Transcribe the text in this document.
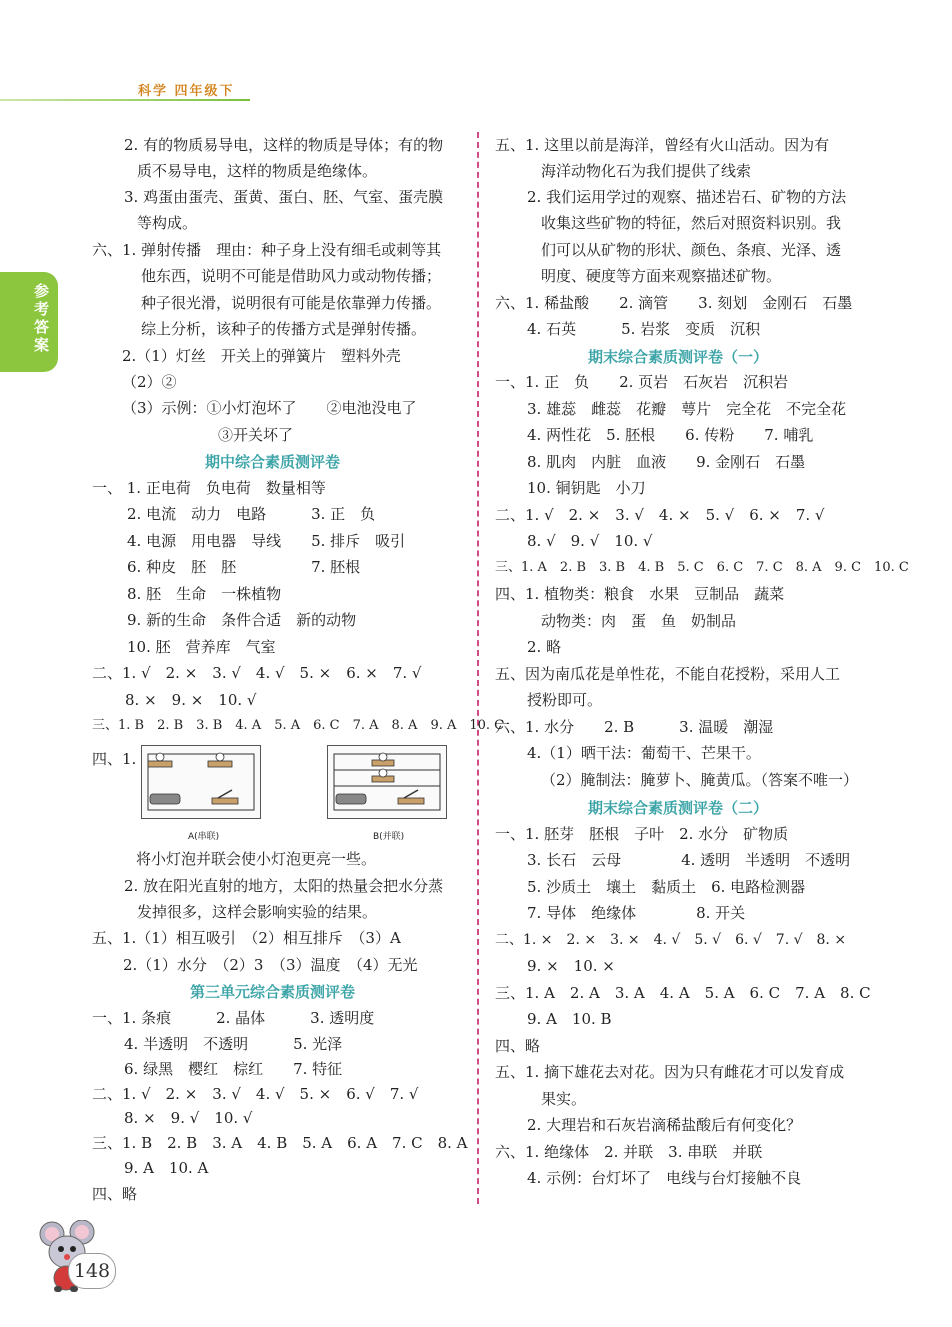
科学 四年级下
参考答案
2. 有的物质易导电，这样的物质是导体；有的物
质不易导电，这样的物质是绝缘体。
3. 鸡蛋由蛋壳、蛋黄、蛋白、胚、气室、蛋壳膜
等构成。
六、1. 弹射传播　理由：种子身上没有细毛或刺等其
他东西，说明不可能是借助风力或动物传播；
种子很光滑，说明很有可能是依靠弹力传播。
综上分析，该种子的传播方式是弹射传播。
2.（1）灯丝　开关上的弹簧片　塑料外壳
（2）②
（3）示例：①小灯泡坏了　　②电池没电了
③开关坏了
期中综合素质测评卷
一、 1. 正电荷　负电荷　数量相等
2. 电流　动力　电路　　　3. 正　负
4. 电源　用电器　导线　　5. 排斥　吸引
6. 种皮　胚　胚　　　　　7. 胚根
8. 胚　生命　一株植物
9. 新的生命　条件合适　新的动物
10. 胚　营养库　气室
二、1. √　2. ×　3. √　4. √　5. ×　6. ×　7. √
8. ×　9. ×　10. √
三、1. B　2. B　3. B　4. A　5. A　6. C　7. A　8. A　9. A　10. C
四、1.
A(串联)	B(并联)
将小灯泡并联会使小灯泡更亮一些。
2. 放在阳光直射的地方，太阳的热量会把水分蒸
发掉很多，这样会影响实验的结果。
五、1.（1）相互吸引　（2）相互排斥　（3）A
2.（1）水分　（2）3　（3）温度　（4）无光
第三单元综合素质测评卷
一、1. 条痕　　　2. 晶体　　　3. 透明度
4. 半透明　不透明　　　5. 光泽
6. 绿黑　樱红　棕红　　7. 特征
二、1. √　2. ×　3. √　4. √　5. ×　6. √　7. √
8. ×　9. √　10. √
三、1. B　2. B　3. A　4. B　5. A　6. A　7. C　8. A
9. A　10. A
四、略
五、1. 这里以前是海洋，曾经有火山活动。因为有
海洋动物化石为我们提供了线索
2. 我们运用学过的观察、描述岩石、矿物的方法
收集这些矿物的特征，然后对照资料识别。我
们可以从矿物的形状、颜色、条痕、光泽、透
明度、硬度等方面来观察描述矿物。
六、1. 稀盐酸　　2. 滴管　　3. 刻划　金刚石　石墨
4. 石英　　　5. 岩浆　变质　沉积
期末综合素质测评卷（一）
一、1. 正　负　　2. 页岩　石灰岩　沉积岩
3. 雄蕊　雌蕊　花瓣　萼片　完全花　不完全花
4. 两性花　5. 胚根　　6. 传粉　　7. 哺乳
8. 肌肉　内脏　血液　　9. 金刚石　石墨
10. 铜钥匙　小刀
二、1. √　2. ×　3. √　4. ×　5. √　6. ×　7. √
8. √　9. √　10. √
三、1. A　2. B　3. B　4. B　5. C　6. C　7. C　8. A　9. C　10. C
四、1. 植物类：粮食　水果　豆制品　蔬菜
动物类：肉　蛋　鱼　奶制品
2. 略
五、因为南瓜花是单性花，不能自花授粉，采用人工
授粉即可。
六、1. 水分　　2. B　　　3. 温暖　潮湿
4.（1）晒干法：葡萄干、芒果干。
（2）腌制法：腌萝卜、腌黄瓜。（答案不唯一）
期末综合素质测评卷（二）
一、1. 胚芽　胚根　子叶　2. 水分　矿物质
3. 长石　云母　　　　4. 透明　半透明　不透明
5. 沙质土　壤土　黏质土　6. 电路检测器
7. 导体　绝缘体　　　　8. 开关
二、1. ×　2. ×　3. ×　4. √　5. √　6. √　7. √　8. ×
9. ×　10. ×
三、1. A　2. A　3. A　4. A　5. A　6. C　7. A　8. C
9. A　10. B
四、略
五、1. 摘下雄花去对花。因为只有雌花才可以发育成
果实。
2. 大理岩和石灰岩滴稀盐酸后有何变化？
六、1. 绝缘体　2. 并联　3. 串联　并联
4. 示例：台灯坏了　电线与台灯接触不良
148
